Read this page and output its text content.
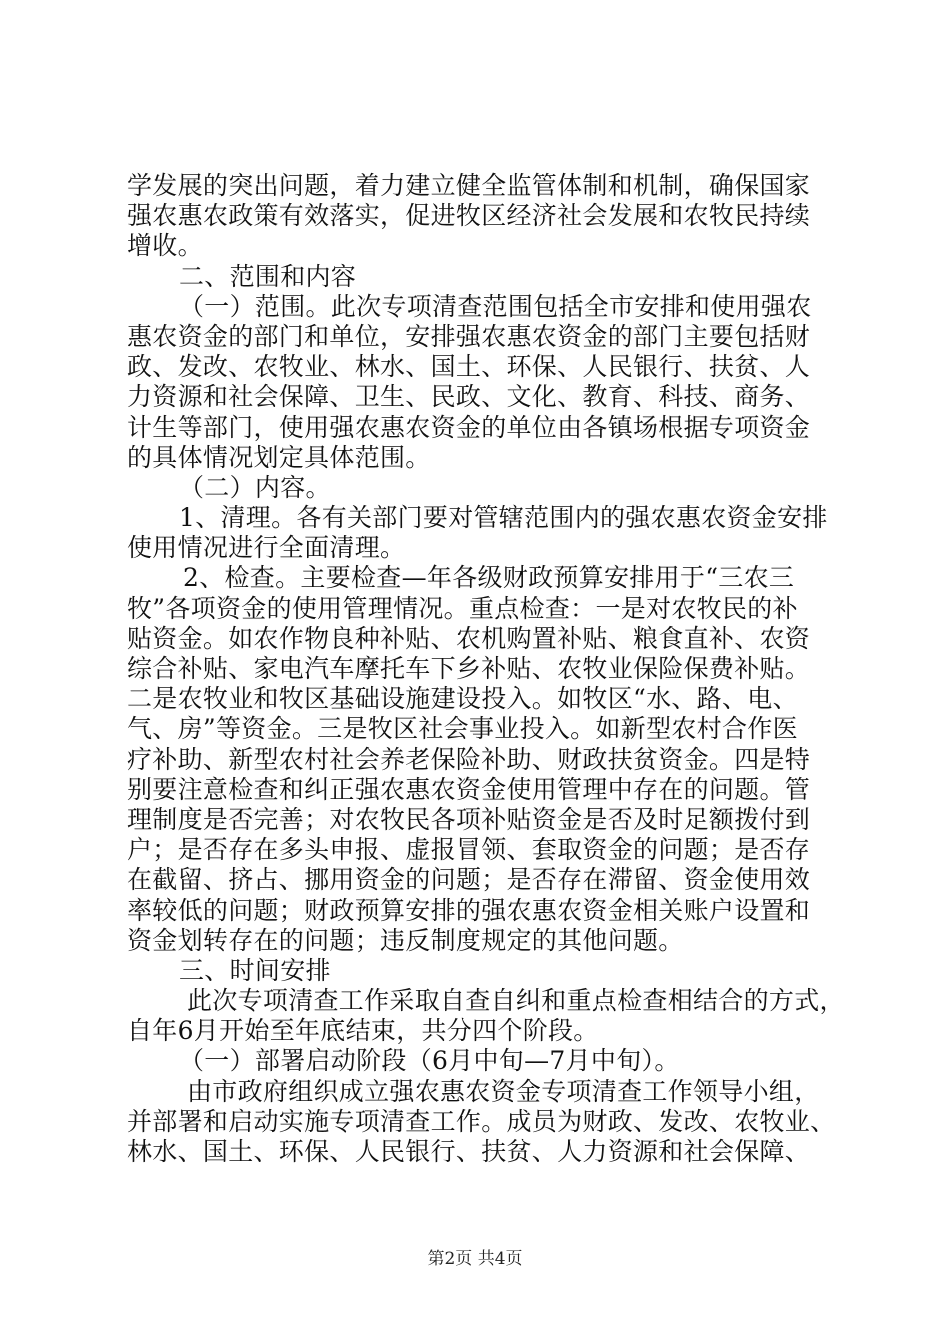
学发展的突出问题，着力建立健全监管体制和机制，确保国家
强农惠农政策有效落实，促进牧区经济社会发展和农牧民持续
增收。
二、范围和内容
（一）范围。此次专项清查范围包括全市安排和使用强农
惠农资金的部门和单位，安排强农惠农资金的部门主要包括财
政、发改、农牧业、林水、国土、环保、人民银行、扶贫、人
力资源和社会保障、卫生、民政、文化、教育、科技、商务、
计生等部门，使用强农惠农资金的单位由各镇场根据专项资金
的具体情况划定具体范围。
（二）内容。
1、清理。各有关部门要对管辖范围内的强农惠农资金安排
使用情况进行全面清理。
2、检查。主要检查—年各级财政预算安排用于“三农三
牧”各项资金的使用管理情况。重点检查：一是对农牧民的补
贴资金。如农作物良种补贴、农机购置补贴、粮食直补、农资
综合补贴、家电汽车摩托车下乡补贴、农牧业保险保费补贴。
二是农牧业和牧区基础设施建设投入。如牧区“水、路、电、
气、房”等资金。三是牧区社会事业投入。如新型农村合作医
疗补助、新型农村社会养老保险补助、财政扶贫资金。四是特
别要注意检查和纠正强农惠农资金使用管理中存在的问题。管
理制度是否完善；对农牧民各项补贴资金是否及时足额拨付到
户；是否存在多头申报、虚报冒领、套取资金的问题；是否存
在截留、挤占、挪用资金的问题；是否存在滞留、资金使用效
率较低的问题；财政预算安排的强农惠农资金相关账户设置和
资金划转存在的问题；违反制度规定的其他问题。
三、时间安排
此次专项清查工作采取自查自纠和重点检查相结合的方式，
自年6月开始至年底结束，共分四个阶段。
（一）部署启动阶段（6月中旬—7月中旬）。
由市政府组织成立强农惠农资金专项清查工作领导小组，
并部署和启动实施专项清查工作。成员为财政、发改、农牧业、
林水、国土、环保、人民银行、扶贫、人力资源和社会保障、
第2页 共4页
